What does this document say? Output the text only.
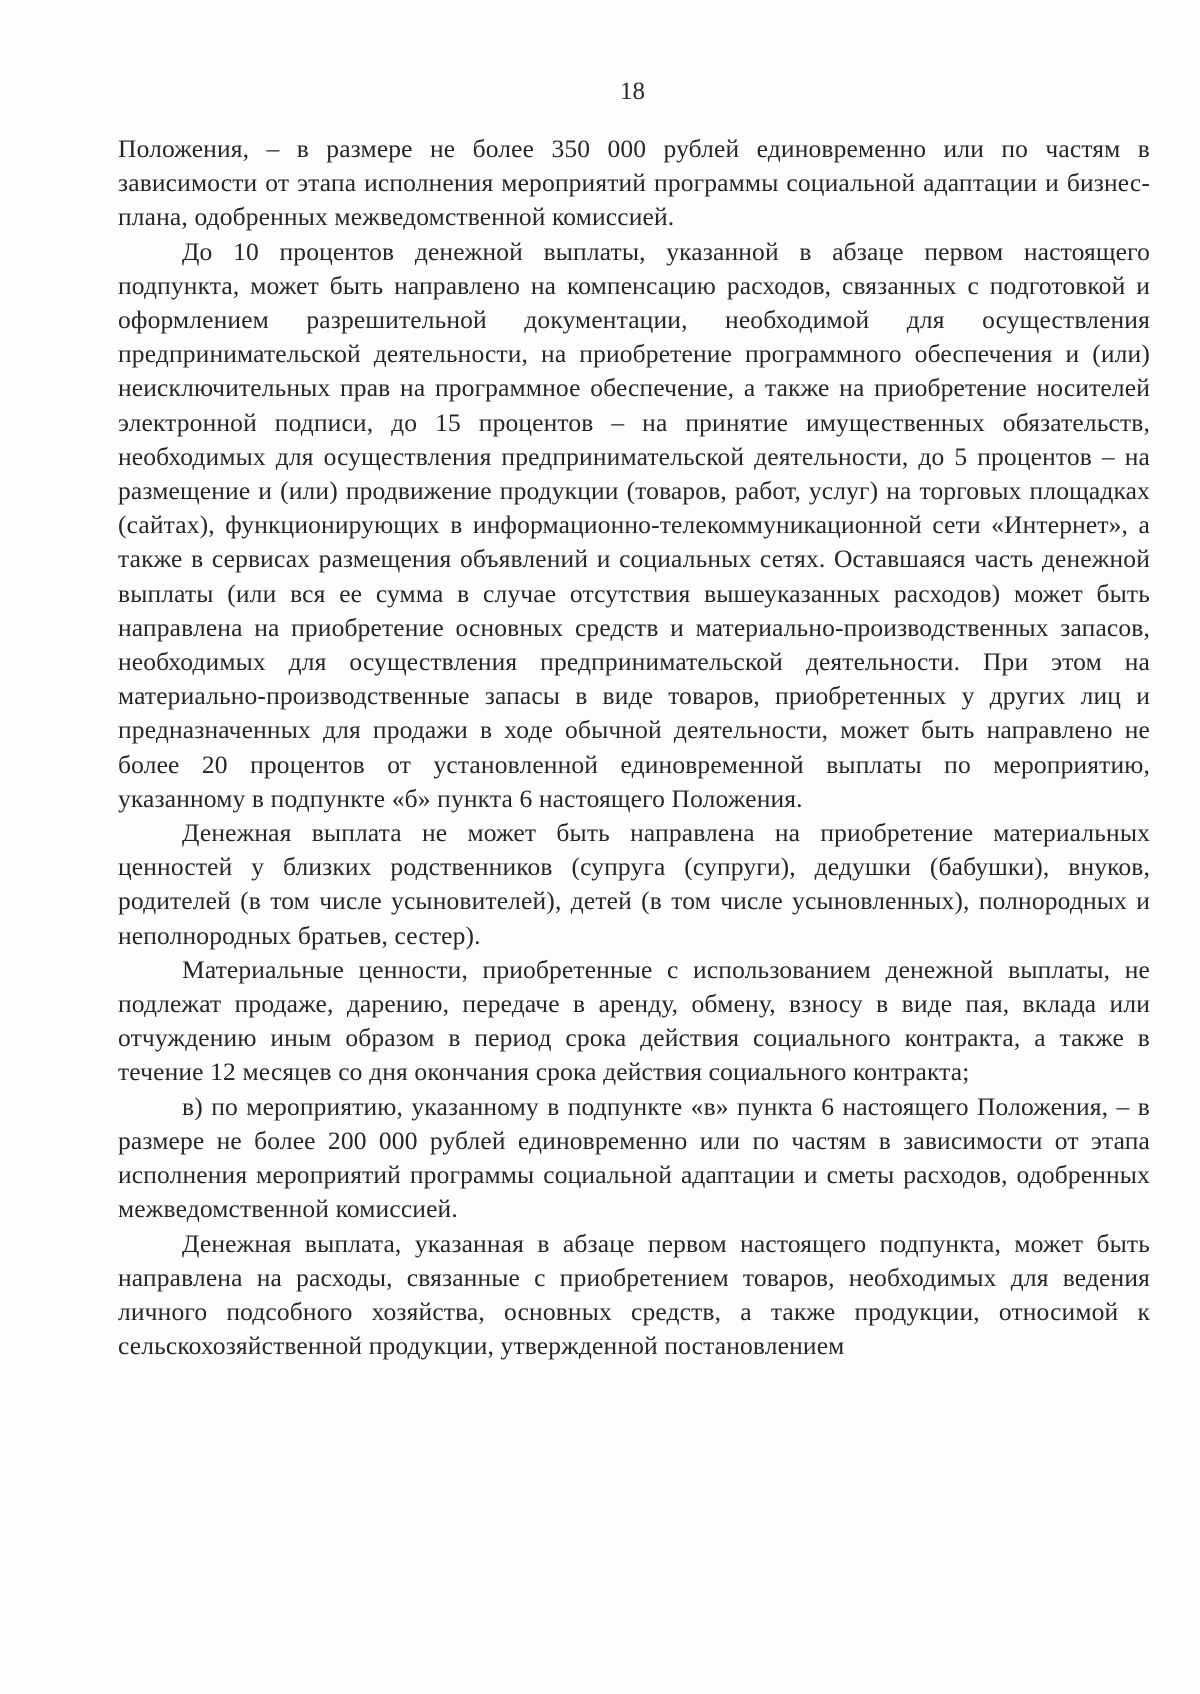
18

Положения, – в размере не более 350 000 рублей единовременно или по частям в зависимости от этапа исполнения мероприятий программы социальной адаптации и бизнес-плана, одобренных межведомственной комиссией.

До 10 процентов денежной выплаты, указанной в абзаце первом настоящего подпункта, может быть направлено на компенсацию расходов, связанных с подготовкой и оформлением разрешительной документации, необходимой для осуществления предпринимательской деятельности, на приобретение программного обеспечения и (или) неисключительных прав на программное обеспечение, а также на приобретение носителей электронной подписи, до 15 процентов – на принятие имущественных обязательств, необходимых для осуществления предпринимательской деятельности, до 5 процентов – на размещение и (или) продвижение продукции (товаров, работ, услуг) на торговых площадках (сайтах), функционирующих в информационно-телекоммуникационной сети «Интернет», а также в сервисах размещения объявлений и социальных сетях. Оставшаяся часть денежной выплаты (или вся ее сумма в случае отсутствия вышеуказанных расходов) может быть направлена на приобретение основных средств и материально-производственных запасов, необходимых для осуществления предпринимательской деятельности. При этом на материально-производственные запасы в виде товаров, приобретенных у других лиц и предназначенных для продажи в ходе обычной деятельности, может быть направлено не более 20 процентов от установленной единовременной выплаты по мероприятию, указанному в подпункте «б» пункта 6 настоящего Положения.

Денежная выплата не может быть направлена на приобретение материальных ценностей у близких родственников (супруга (супруги), дедушки (бабушки), внуков, родителей (в том числе усыновителей), детей (в том числе усыновленных), полнородных и неполнородных братьев, сестер).

Материальные ценности, приобретенные с использованием денежной выплаты, не подлежат продаже, дарению, передаче в аренду, обмену, взносу в виде пая, вклада или отчуждению иным образом в период срока действия социального контракта, а также в течение 12 месяцев со дня окончания срока действия социального контракта;

в) по мероприятию, указанному в подпункте «в» пункта 6 настоящего Положения, – в размере не более 200 000 рублей единовременно или по частям в зависимости от этапа исполнения мероприятий программы социальной адаптации и сметы расходов, одобренных межведомственной комиссией.

Денежная выплата, указанная в абзаце первом настоящего подпункта, может быть направлена на расходы, связанные с приобретением товаров, необходимых для ведения личного подсобного хозяйства, основных средств, а также продукции, относимой к сельскохозяйственной продукции, утвержденной постановлением
